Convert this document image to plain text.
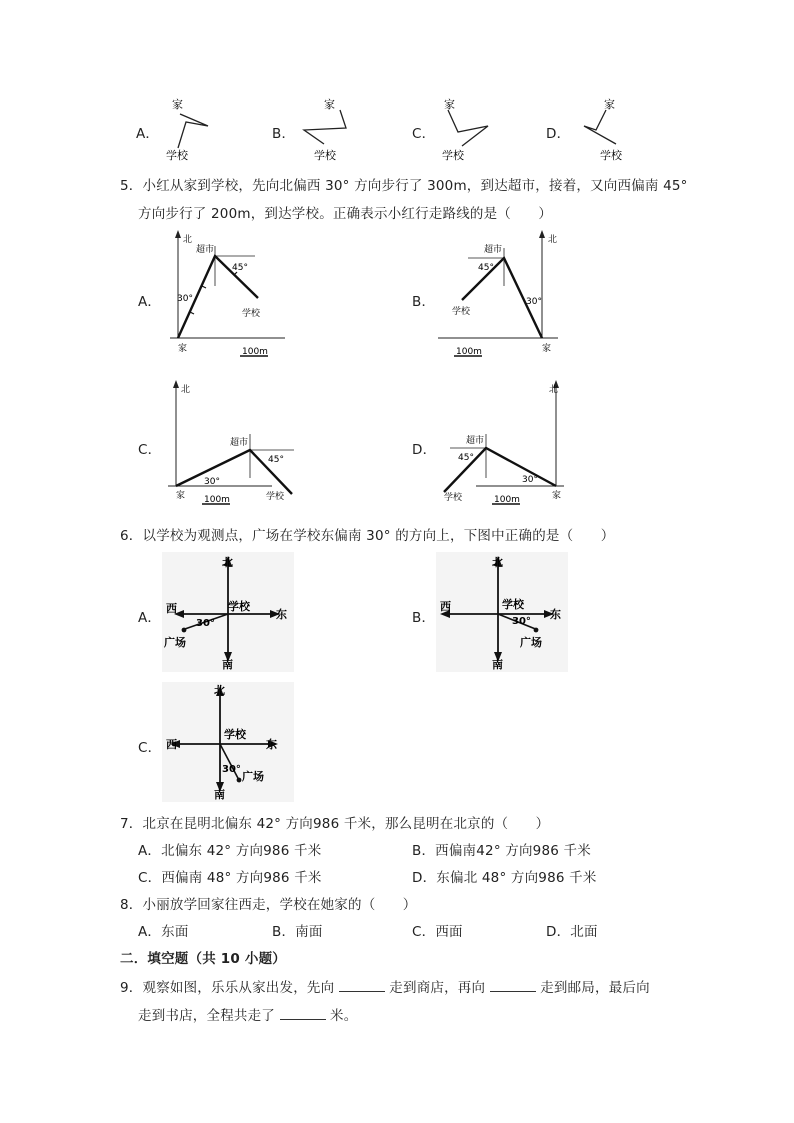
A．
家
学校
B．
家
学校
C．
家
学校
D．
家
学校
5．小红从家到学校，先向北偏西 30° 方向步行了 300m，到达超市，接着，又向西偏南 45°
方向步行了 200m，到达学校。正确表示小红行走路线的是（　　）
A．
北
超市
45°
30°
学校
家	100m
B．
北
超市
45°
30°
学校
家
100m
C．
北
超市
45°
30°
学校
家 100m
D．
北
超市
45°
30°
学校	家
100m
6．以学校为观测点，广场在学校东偏南 30° 的方向上，下图中正确的是（　　）
A．
北
南
东
西	学校
30°
广场
B．
北
南
东
西	学校
30°
广场
C．
北
南
东
西
学校
30°
广场
7．北京在昆明北偏东 42° 方向986 千米，那么昆明在北京的（　　）
A．北偏东 42° 方向986 千米	B．西偏南42° 方向986 千米
C．西偏南 48° 方向986 千米	D．东偏北 48° 方向986 千米
8．小丽放学回家往西走，学校在她家的（　　）
A．东面	B．南面	C．西面	D．北面
二．填空题（共 10 小题）
9．观察如图，乐乐从家出发，先向	走到商店，再向	走到邮局，最后向
走到书店，全程共走了	米。
